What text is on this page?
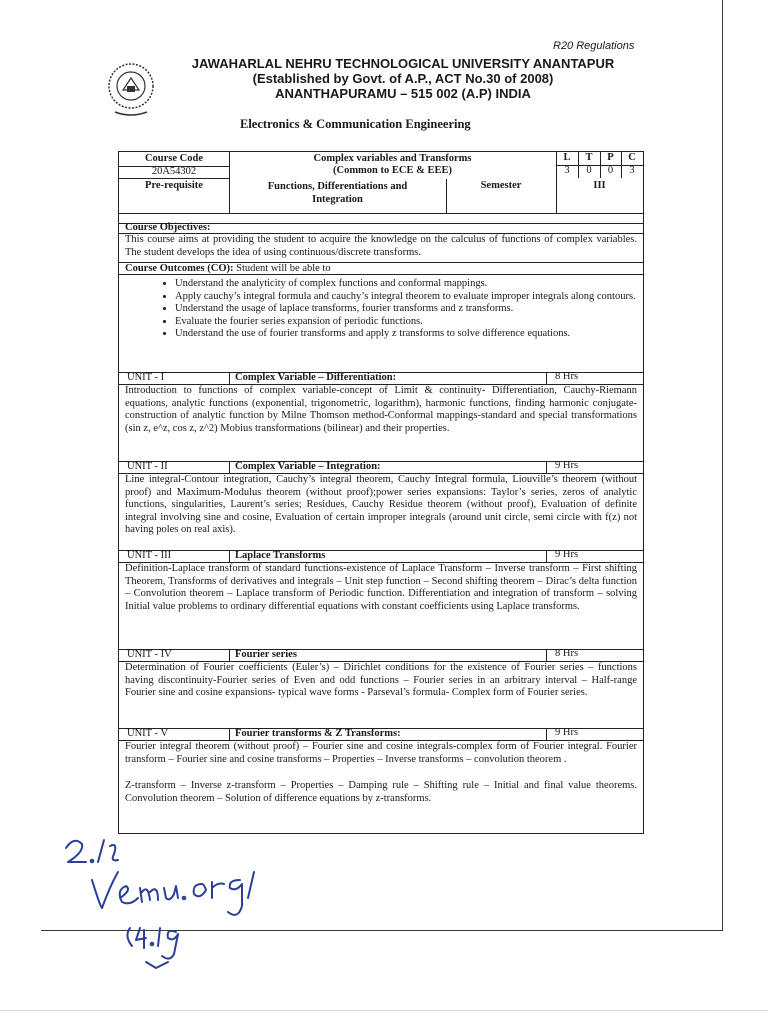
R20 Regulations
JAWAHARLAL NEHRU TECHNOLOGICAL UNIVERSITY ANANTAPUR
(Established by Govt. of A.P., ACT No.30 of 2008)
ANANTHAPURAMU – 515 002 (A.P) INDIA
Electronics & Communication Engineering
Course Code
20A54302
Complex variables and Transforms
(Common to ECE & EEE)
L	T	P	C
3	0	0	3
Pre-requisite	Functions, Differentiations and
Integration
Semester	III
Course Objectives:
This course aims at providing the student to acquire the knowledge on the calculus of functions of complex variables. The student develops the idea of using continuous/discrete transforms.
Course Outcomes (CO): Student will be able to
• Understand the analyticity of complex functions and conformal mappings.
• Apply cauchy’s integral formula and cauchy’s integral theorem to evaluate improper integrals along contours.
• Understand the usage of laplace transforms, fourier transforms and z transforms.
• Evaluate the fourier series expansion of periodic functions.
• Understand the use of fourier transforms and apply z transforms to solve difference equations.
UNIT - I	Complex Variable – Differentiation:	8 Hrs
Introduction to functions of complex variable-concept of Limit & continuity- Differentiation, Cauchy-Riemann equations, analytic functions (exponential, trigonometric, logarithm), harmonic functions, finding harmonic conjugate-construction of analytic function by Milne Thomson method-Conformal mappings-standard and special transformations (sin z, e^z, cos z, z^2) Mobius transformations (bilinear) and their properties.
UNIT - II	Complex Variable – Integration:	9 Hrs
Line integral-Contour integration, Cauchy’s integral theorem, Cauchy Integral formula, Liouville’s theorem (without proof) and Maximum-Modulus theorem (without proof);power series expansions: Taylor’s series, zeros of analytic functions, singularities, Laurent’s series; Residues, Cauchy Residue theorem (without proof), Evaluation of definite integral involving sine and cosine, Evaluation of certain improper integrals (around unit circle, semi circle with f(z) not having poles on real axis).
UNIT - III	Laplace Transforms	9 Hrs
Definition-Laplace transform of standard functions-existence of Laplace Transform – Inverse transform – First shifting Theorem, Transforms of derivatives and integrals – Unit step function – Second shifting theorem – Dirac’s delta function – Convolution theorem – Laplace transform of Periodic function. Differentiation and integration of transform – solving Initial value problems to ordinary differential equations with constant coefficients using Laplace transforms.
UNIT - IV	Fourier series	8 Hrs
Determination of Fourier coefficients (Euler’s) – Dirichlet conditions for the existence of Fourier series – functions having discontinuity-Fourier series of Even and odd functions – Fourier series in an arbitrary interval – Half-range Fourier sine and cosine expansions- typical wave forms - Parseval’s formula- Complex form of Fourier series.
UNIT - V	Fourier transforms & Z Transforms:	9 Hrs
Fourier integral theorem (without proof) – Fourier sine and cosine integrals-complex form of Fourier integral. Fourier transform – Fourier sine and cosine transforms – Properties – Inverse transforms – convolution theorem .
Z-transform – Inverse z-transform – Properties – Damping rule – Shifting rule – Initial and final value theorems. Convolution theorem – Solution of difference equations by z-transforms.
